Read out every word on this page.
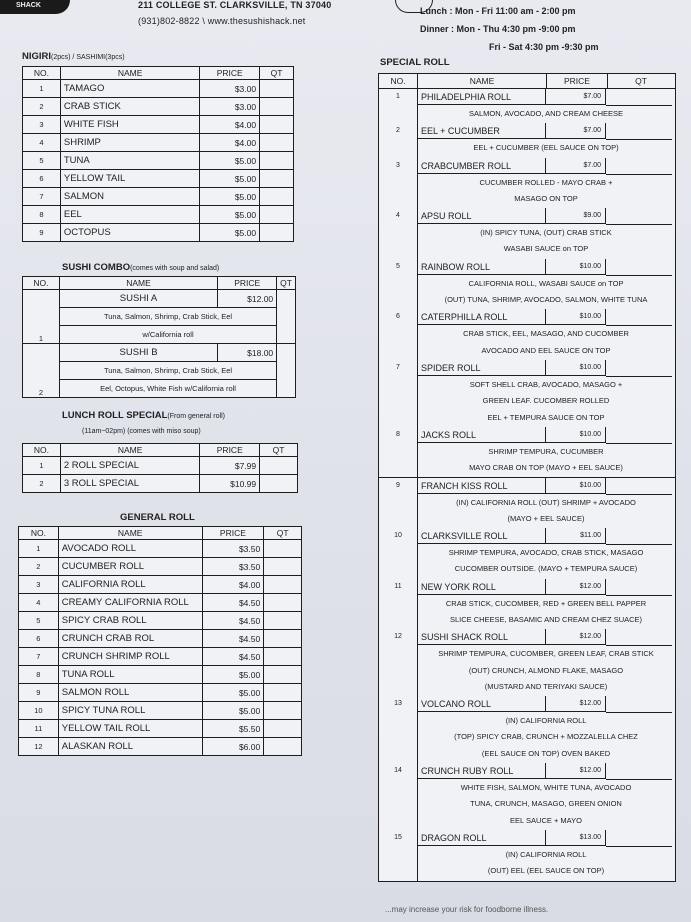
SHACK	211 COLLEGE ST. CLARKSVILLE, TN 37040
(931)802-8822 \ www.thesushishack.net
Lunch : Mon - Fri 11:00 am - 2:00 pm
Dinner : Mon - Thu 4:30 pm -9:00 pm
Fri - Sat 4:30 pm -9:30 pm
NIGIRI(2pcs) / SASHIMI(3pcs)
NO.	NAME	PRICE	QT
1	TAMAGO	$3.00	
2	CRAB STICK	$3.00	
3	WHITE FISH	$4.00	
4	SHRIMP	$4.00	
5	TUNA	$5.00	
6	YELLOW TAIL	$5.00	
7	SALMON	$5.00	
8	EEL	$5.00	
9	OCTOPUS	$5.00	
SUSHI COMBO(comes with soup and salad)
NO.	NAME	PRICE	QT
1	SUSHI A	$12.00	
	Tuna, Salmon, Shrimp, Crab Stick, Eel		
	w/California roll		
2	SUSHI B	$18.00	
	Tuna, Salmon, Shrimp, Crab Stick, Eel		
	Eel, Octopus, White Fish w/California roll		
LUNCH ROLL SPECIAL(From general roll)
(11am~02pm) (comes with miso soup)
NO.	NAME	PRICE	QT
1	2 ROLL SPECIAL	$7.99	
2	3 ROLL SPECIAL	$10.99	
GENERAL ROLL
NO.	NAME	PRICE	QT
1	AVOCADO ROLL	$3.50	
2	CUCUMBER ROLL	$3.50	
3	CALIFORNIA ROLL	$4.00	
4	CREAMY CALIFORNIA ROLL	$4.50	
5	SPICY CRAB ROLL	$4.50	
6	CRUNCH CRAB ROL	$4.50	
7	CRUNCH SHRIMP ROLL	$4.50	
8	TUNA ROLL	$5.00	
9	SALMON ROLL	$5.00	
10	SPICY TUNA ROLL	$5.00	
11	YELLOW TAIL ROLL	$5.50	
12	ALASKAN ROLL	$6.00	
SPECIAL ROLL
NO.	NAME	PRICE	QT
1	PHILADELPHIA ROLL	$7.00
SALMON, AVOCADO, AND CREAM CHEESE
2	EEL + CUCUMBER	$7.00
EEL + CUCUMBER (EEL SAUCE ON TOP)
3	CRABCUMBER ROLL	$7.00
CUCUMBER ROLLED - MAYO CRAB +
MASAGO ON TOP
4	APSU ROLL	$9.00
(IN) SPICY TUNA, (OUT) CRAB STICK
WASABI SAUCE on TOP
5	RAINBOW ROLL	$10.00
CALIFORNIA ROLL, WASABI SAUCE on TOP
(OUT) TUNA, SHRIMP, AVOCADO, SALMON, WHITE TUNA
6	CATERPHILLA ROLL	$10.00
CRAB STICK, EEL, MASAGO, AND CUCOMBER
AVOCADO AND EEL SAUCE ON TOP
7	SPIDER ROLL	$10.00
SOFT SHELL CRAB, AVOCADO, MASAGO +
GREEN LEAF. CUCOMBER ROLLED
EEL + TEMPURA SAUCE ON TOP
8	JACKS ROLL	$10.00
SHRIMP TEMPURA, CUCUMBER
MAYO CRAB ON TOP (MAYO + EEL SAUCE)
9	FRANCH KISS ROLL	$10.00
(IN) CALIFORNIA ROLL (OUT) SHRIMP + AVOCADO
(MAYO + EEL SAUCE)
10	CLARKSVILLE ROLL	$11.00
SHRIMP TEMPURA, AVOCADO, CRAB STICK, MASAGO
CUCOMBER OUTSIDE. (MAYO + TEMPURA SAUCE)
11	NEW YORK ROLL	$12.00
CRAB STICK, CUCOMBER, RED + GREEN BELL PAPPER
SLICE CHEESE, BASAMIC AND CREAM CHEZ SUACE)
12	SUSHI SHACK ROLL	$12.00
SHRIMP TEMPURA, CUCOMBER, GREEN LEAF, CRAB STICK
(OUT) CRUNCH, ALMOND FLAKE, MASAGO
(MUSTARD AND TERIYAKI SAUCE)
13	VOLCANO ROLL	$12.00
(IN) CALIFORNIA ROLL
(TOP) SPICY CRAB, CRUNCH + MOZZALELLA CHEZ
(EEL SAUCE ON TOP) OVEN BAKED
14	CRUNCH RUBY ROLL	$12.00
WHITE FISH, SALMON, WHITE TUNA, AVOCADO
TUNA, CRUNCH, MASAGO, GREEN ONION
EEL SAUCE + MAYO
15	DRAGON ROLL	$13.00
(IN) CALIFORNIA ROLL
(OUT) EEL (EEL SAUCE ON TOP)
...may increase your risk for foodborne illness.
